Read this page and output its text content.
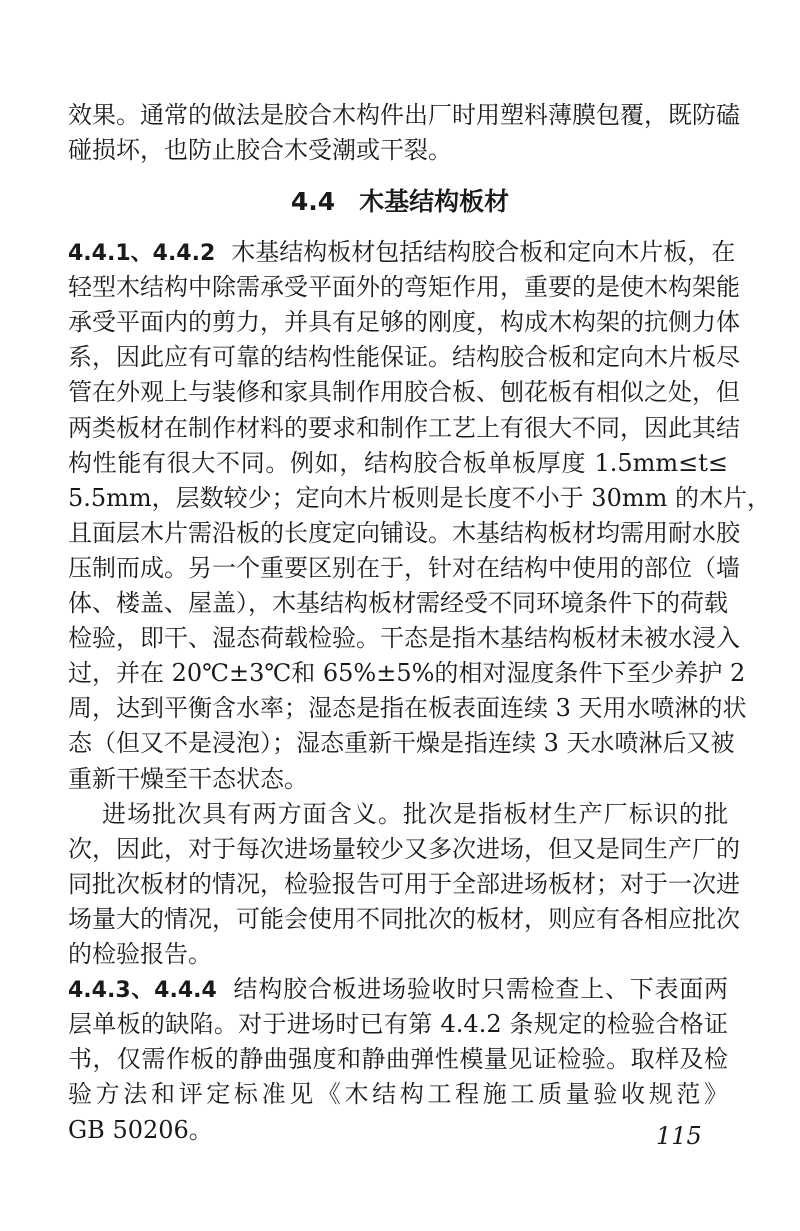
效果。通常的做法是胶合木构件出厂时用塑料薄膜包覆，既防磕
碰损坏，也防止胶合木受潮或干裂。
4.4 木基结构板材
4.4.1、4.4.2 木基结构板材包括结构胶合板和定向木片板，在
轻型木结构中除需承受平面外的弯矩作用，重要的是使木构架能
承受平面内的剪力，并具有足够的刚度，构成木构架的抗侧力体
系，因此应有可靠的结构性能保证。结构胶合板和定向木片板尽
管在外观上与装修和家具制作用胶合板、刨花板有相似之处，但
两类板材在制作材料的要求和制作工艺上有很大不同，因此其结
构性能有很大不同。例如，结构胶合板单板厚度 1.5mm≤t≤
5.5mm，层数较少；定向木片板则是长度不小于 30mm 的木片，
且面层木片需沿板的长度定向铺设。木基结构板材均需用耐水胶
压制而成。另一个重要区别在于，针对在结构中使用的部位（墙
体、楼盖、屋盖），木基结构板材需经受不同环境条件下的荷载
检验，即干、湿态荷载检验。干态是指木基结构板材未被水浸入
过，并在 20℃±3℃和 65%±5%的相对湿度条件下至少养护 2
周，达到平衡含水率；湿态是指在板表面连续 3 天用水喷淋的状
态（但又不是浸泡）；湿态重新干燥是指连续 3 天水喷淋后又被
重新干燥至干态状态。
进场批次具有两方面含义。批次是指板材生产厂标识的批
次，因此，对于每次进场量较少又多次进场，但又是同生产厂的
同批次板材的情况，检验报告可用于全部进场板材；对于一次进
场量大的情况，可能会使用不同批次的板材，则应有各相应批次
的检验报告。
4.4.3、4.4.4 结构胶合板进场验收时只需检查上、下表面两
层单板的缺陷。对于进场时已有第 4.4.2 条规定的检验合格证
书，仅需作板的静曲强度和静曲弹性模量见证检验。取样及检
验方法和评定标准见《木结构工程施工质量验收规范》
GB 50206。	115
